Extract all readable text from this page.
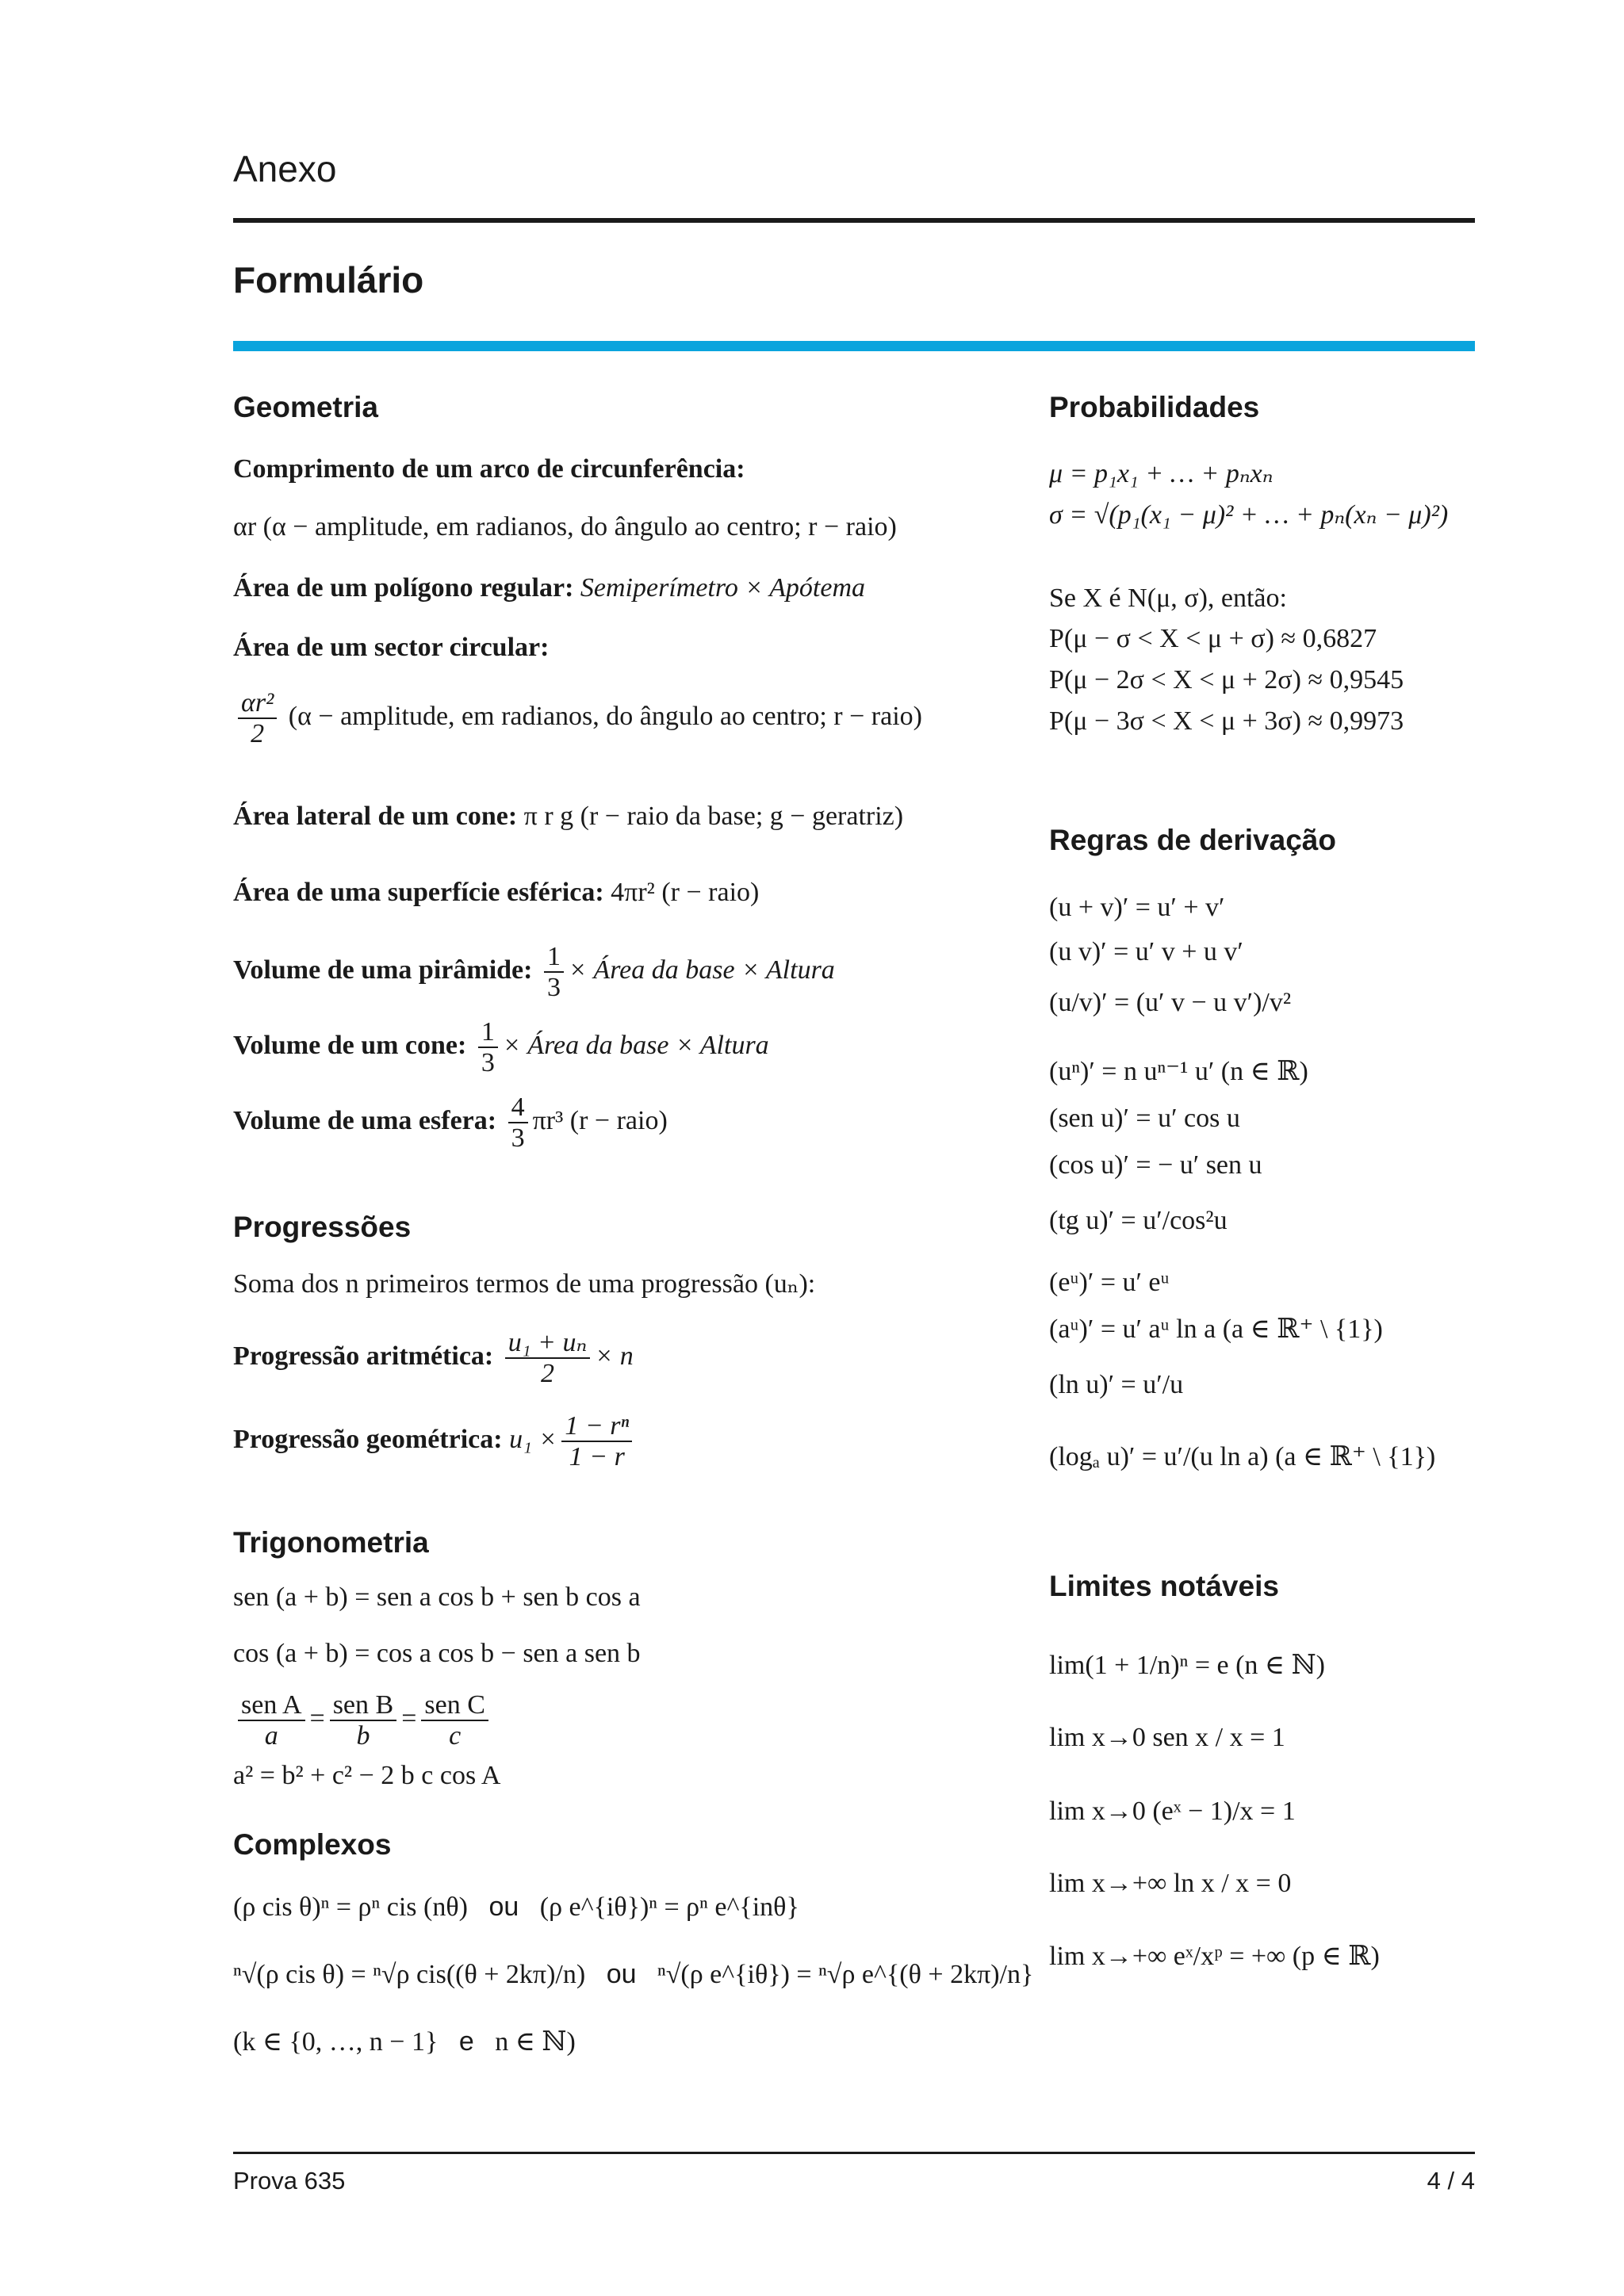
Anexo
Formulário
Geometria
Comprimento de um arco de circunferência:
αr (α − amplitude, em radianos, do ângulo ao centro; r − raio)
Área de um polígono regular: Semiperímetro × Apótema
Área de um sector circular:
$\frac{\text{αr²}}{2} (\alpha$ − amplitude, em radianos, do ângulo ao centro; r − raio)
Área lateral de um cone: π r g (r − raio da base; g − geratriz)
Área de uma superfície esférica: 4πr² (r − raio)
Volume de uma pirâmide: $\frac{1}{3}$ × Área da base × Altura
Volume de um cone: $\frac{1}{3}$ × Área da base × Altura
Volume de uma esfera: $\frac{4}{3} \pi r^3$ (r − raio)
Progressões
Soma dos n primeiros termos de uma progressão (uₙ):
Progressão aritmética: $\frac{\text{u₁ + uₙ}}{2} \times n$
Progressão geométrica: $u_1 \times \frac{\text{1 − rⁿ}}{1 - r}$
Trigonometria
sen (a + b) = sen a cos b + sen b cos a
cos (a + b) = cos a cos b − sen a sen b
$\frac{\text{sen A}}{a} = \frac{\text{sen B}}{b} = \frac{\text{sen C}}{c}$
a² = b² + c² − 2 b c cos A
Complexos
(ρ cis θ)ⁿ = ρⁿ cis (nθ) ou (ρ e^{iθ})ⁿ = ρⁿ e^{inθ}
ⁿ√(ρ cis θ) = ⁿ√ρ cis((θ + 2kπ)/n) ou ⁿ√(ρ e^{iθ}) = ⁿ√ρ e^{(θ + 2kπ)/n}
(k ∈ {0, …, n − 1} e n ∈ ℕ)
Probabilidades
μ = p₁x₁ + … + pₙxₙ
σ = √(p₁(x₁ − μ)² + … + pₙ(xₙ − μ)²)
Se X é N(μ, σ), então:
P(μ − σ < X < μ + σ) ≈ 0,6827
P(μ − 2σ < X < μ + 2σ) ≈ 0,9545
P(μ − 3σ < X < μ + 3σ) ≈ 0,9973
Regras de derivação
(u + v)′ = u′ + v′
(u v)′ = u′ v + u v′
(u/v)′ = (u′ v − u v′)/v²
(uⁿ)′ = n uⁿ⁻¹ u′ (n ∈ ℝ)
(sen u)′ = u′ cos u
(cos u)′ = − u′ sen u
(tg u)′ = u′/cos²u
(eᵘ)′ = u′ eᵘ
(aᵘ)′ = u′ aᵘ ln a (a ∈ ℝ⁺ \ {1})
(ln u)′ = u′/u
(logₐ u)′ = u′/(u ln a) (a ∈ ℝ⁺ \ {1})
Limites notáveis
lim(1 + 1/n)ⁿ = e (n ∈ ℕ)
lim x→0 sen x / x = 1
lim x→0 (eˣ − 1)/x = 1
lim x→+∞ ln x / x = 0
lim x→+∞ eˣ/xᵖ = +∞ (p ∈ ℝ)
Prova 635	4 / 4
